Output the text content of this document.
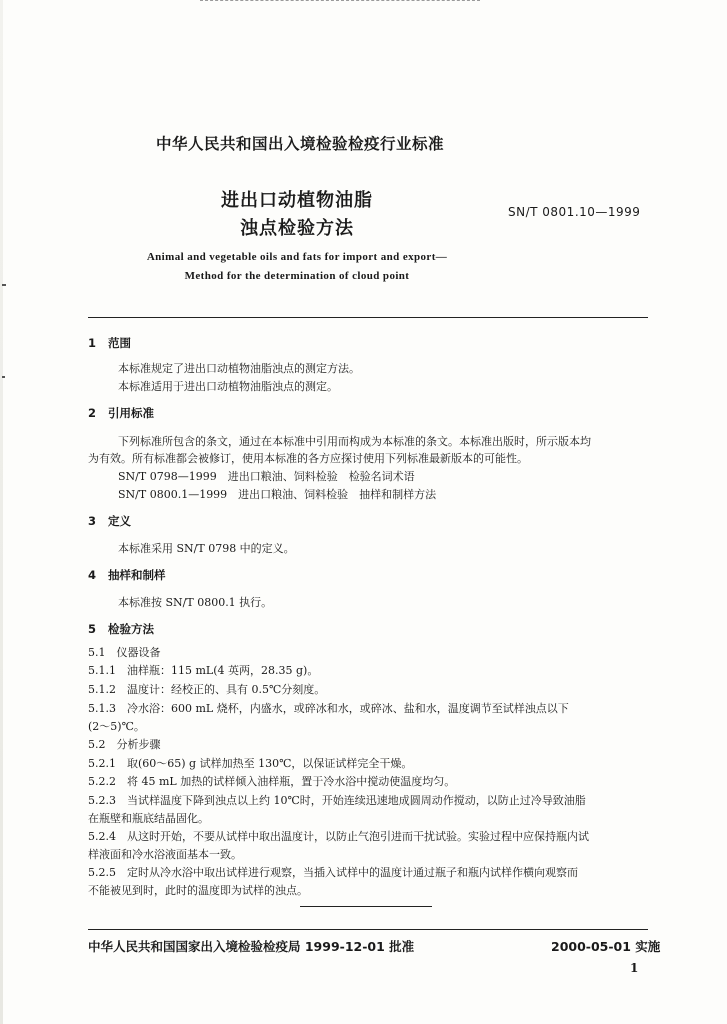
中华人民共和国出入境检验检疫行业标准
进出口动植物油脂
浊点检验方法
SN/T 0801.10—1999
Animal and vegetable oils and fats for import and export—
Method for the determination of cloud point
1 范围
本标准规定了进出口动植物油脂浊点的测定方法。
本标准适用于进出口动植物油脂浊点的测定。
2 引用标准
下列标准所包含的条文，通过在本标准中引用而构成为本标准的条文。本标准出版时，所示版本均
为有效。所有标准都会被修订，使用本标准的各方应探讨使用下列标准最新版本的可能性。
SN/T 0798—1999　进出口粮油、饲料检验　检验名词术语
SN/T 0800.1—1999　进出口粮油、饲料检验　抽样和制样方法
3 定义
本标准采用 SN/T 0798 中的定义。
4 抽样和制样
本标准按 SN/T 0800.1 执行。
5 检验方法
5.1　仪器设备
5.1.1　油样瓶：115 mL(4 英两，28.35 g)。
5.1.2　温度计：经校正的、具有 0.5℃分刻度。
5.1.3　冷水浴：600 mL 烧杯，内盛水，或碎冰和水，或碎冰、盐和水，温度调节至试样浊点以下
(2～5)℃。
5.2　分析步骤
5.2.1　取(60～65) g 试样加热至 130℃，以保证试样完全干燥。
5.2.2　将 45 mL 加热的试样倾入油样瓶，置于冷水浴中搅动使温度均匀。
5.2.3　当试样温度下降到浊点以上约 10℃时，开始连续迅速地成圆周动作搅动，以防止过冷导致油脂
在瓶壁和瓶底结晶固化。
5.2.4　从这时开始，不要从试样中取出温度计，以防止气泡引进而干扰试验。实验过程中应保持瓶内试
样液面和冷水浴液面基本一致。
5.2.5　定时从冷水浴中取出试样进行观察，当插入试样中的温度计通过瓶子和瓶内试样作横向观察而
不能被见到时，此时的温度即为试样的浊点。
中华人民共和国国家出入境检验检疫局 1999-12-01 批准	2000-05-01 实施
1
